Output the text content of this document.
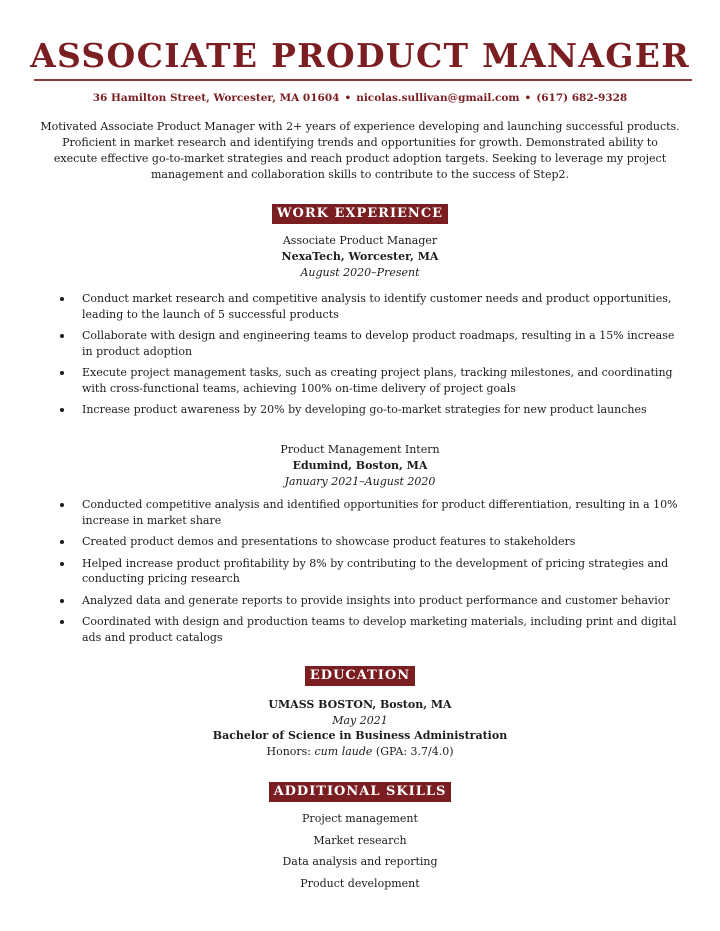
ASSOCIATE PRODUCT MANAGER
36 Hamilton Street, Worcester, MA 01604 • nicolas.sullivan@gmail.com • (617) 682-9328

Motivated Associate Product Manager with 2+ years of experience developing and launching successful products. Proficient in market research and identifying trends and opportunities for growth. Demonstrated ability to execute effective go-to-market strategies and reach product adoption targets. Seeking to leverage my project management and collaboration skills to contribute to the success of Step2.

WORK EXPERIENCE
Associate Product Manager
NexaTech, Worcester, MA
August 2020–Present
Conduct market research and competitive analysis to identify customer needs and product opportunities, leading to the launch of 5 successful products
Collaborate with design and engineering teams to develop product roadmaps, resulting in a 15% increase in product adoption
Execute project management tasks, such as creating project plans, tracking milestones, and coordinating with cross-functional teams, achieving 100% on-time delivery of project goals
Increase product awareness by 20% by developing go-to-market strategies for new product launches
Product Management Intern
Edumind, Boston, MA
January 2021–August 2020
Conducted competitive analysis and identified opportunities for product differentiation, resulting in a 10% increase in market share
Created product demos and presentations to showcase product features to stakeholders
Helped increase product profitability by 8% by contributing to the development of pricing strategies and conducting pricing research
Analyzed data and generate reports to provide insights into product performance and customer behavior
Coordinated with design and production teams to develop marketing materials, including print and digital ads and product catalogs
EDUCATION
UMASS BOSTON, Boston, MA
May 2021
Bachelor of Science in Business Administration
Honors: cum laude (GPA: 3.7/4.0)
ADDITIONAL SKILLS
Project management
Market research
Data analysis and reporting
Product development
